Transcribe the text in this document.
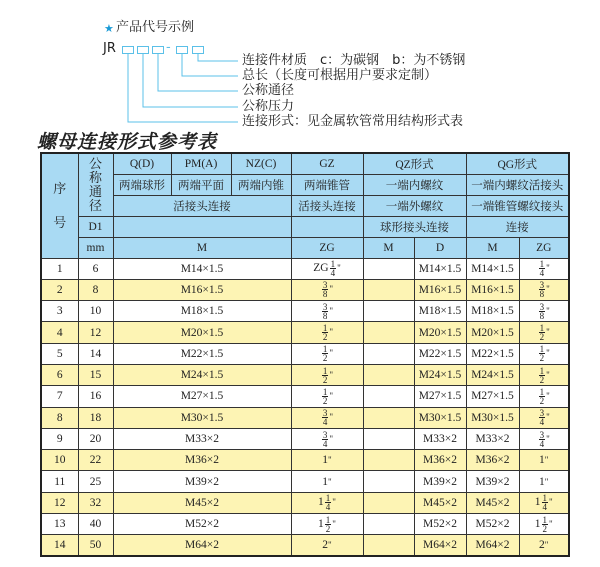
★ 产品代号示例
JR	-
连接件材质　c：为碳钢　b：为不锈钢
总长（长度可根据用户要求定制）
公称通径
公称压力
连接形式：见金属软管常用结构形式表
螺母连接形式参考表
序
号	公称通径	Q(D)	PM(A)	NZ(C)	GZ	QZ形式		QG形式	
		两端球形	两端平面	两端内锥	两端锥管	一端内螺纹		一端内螺纹活接头	
		活接头连接			活接头连接	一端外螺纹		一端锥管螺纹接头	
	D1					球形接头连接		连接	
	mm	M			ZG	M	D	M	ZG
1	6	M14×1.5			ZG $\frac{1}{4}$ "		M14×1.5	M14×1.5	$\frac{1}{4}$ "
2	8	M16×1.5			$\frac{3}{8}$ "		M16×1.5	M16×1.5	$\frac{3}{8}$ "
3	10	M18×1.5			$\frac{3}{8}$ "		M18×1.5	M18×1.5	$\frac{3}{8}$ "
4	12	M20×1.5			$\frac{1}{2}$ "		M20×1.5	M20×1.5	$\frac{1}{2}$ "
5	14	M22×1.5			$\frac{1}{2}$ "		M22×1.5	M22×1.5	$\frac{1}{2}$ "
6	15	M24×1.5			$\frac{1}{2}$ "		M24×1.5	M24×1.5	$\frac{1}{2}$ "
7	16	M27×1.5			$\frac{1}{2}$ "		M27×1.5	M27×1.5	$\frac{1}{2}$ "
8	18	M30×1.5			$\frac{3}{4}$ "		M30×1.5	M30×1.5	$\frac{3}{4}$ "
9	20	M33×2			$\frac{3}{4}$ "		M33×2	M33×2	$\frac{3}{4}$ "
10	22	M36×2			1"		M36×2	M36×2	1"
11	25	M39×2			1"		M39×2	M39×2	1"
12	32	M45×2			$1 \frac{1}{4}$ "		M45×2	M45×2	$1 \frac{1}{4}$ "
13	40	M52×2			$1 \frac{1}{2}$ "		M52×2	M52×2	$1 \frac{1}{2}$ "
14	50	M64×2			2"		M64×2	M64×2	2"
